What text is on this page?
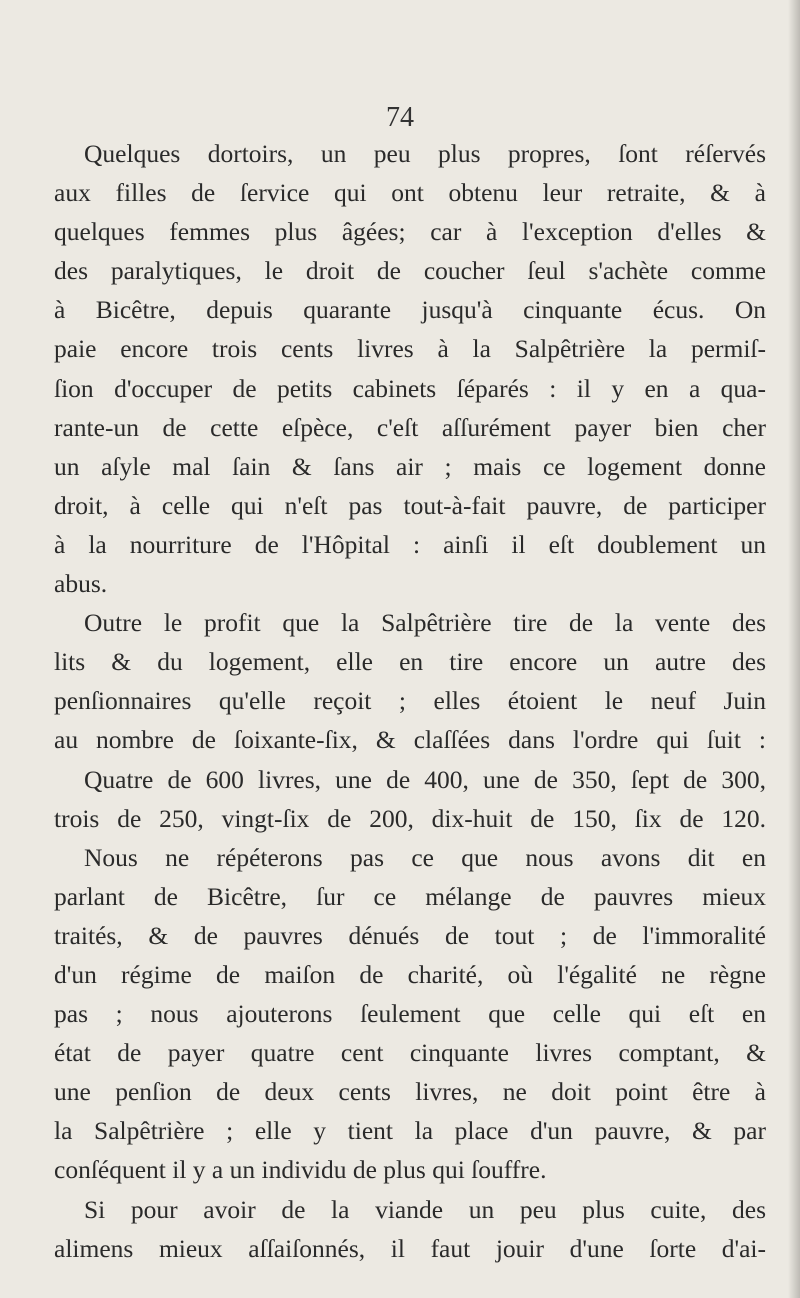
74
Quelques dortoirs, un peu plus propres, ſont réſervés
aux filles de ſervice qui ont obtenu leur retraite, & à
quelques femmes plus âgées; car à l'exception d'elles &
des paralytiques, le droit de coucher ſeul s'achète comme
à Bicêtre, depuis quarante jusqu'à cinquante écus. On
paie encore trois cents livres à la Salpêtrière la permiſ-
ſion d'occuper de petits cabinets ſéparés : il y en a qua-
rante-un de cette eſpèce, c'eſt aſſurément payer bien cher
un aſyle mal ſain & ſans air ; mais ce logement donne
droit, à celle qui n'eſt pas tout-à-fait pauvre, de participer
à la nourriture de l'Hôpital : ainſi il eſt doublement un
abus.
Outre le profit que la Salpêtrière tire de la vente des
lits & du logement, elle en tire encore un autre des
penſionnaires qu'elle reçoit ; elles étoient le neuf Juin
au nombre de ſoixante-ſix, & claſſées dans l'ordre qui ſuit :
Quatre de 600 livres, une de 400, une de 350, ſept de 300,
trois de 250, vingt-ſix de 200, dix-huit de 150, ſix de 120.
Nous ne répéterons pas ce que nous avons dit en
parlant de Bicêtre, ſur ce mélange de pauvres mieux
traités, & de pauvres dénués de tout ; de l'immoralité
d'un régime de maiſon de charité, où l'égalité ne règne
pas ; nous ajouterons ſeulement que celle qui eſt en
état de payer quatre cent cinquante livres comptant, &
une penſion de deux cents livres, ne doit point être à
la Salpêtrière ; elle y tient la place d'un pauvre, & par
conſéquent il y a un individu de plus qui ſouffre.
Si pour avoir de la viande un peu plus cuite, des
alimens mieux aſſaiſonnés, il faut jouir d'une ſorte d'ai-
